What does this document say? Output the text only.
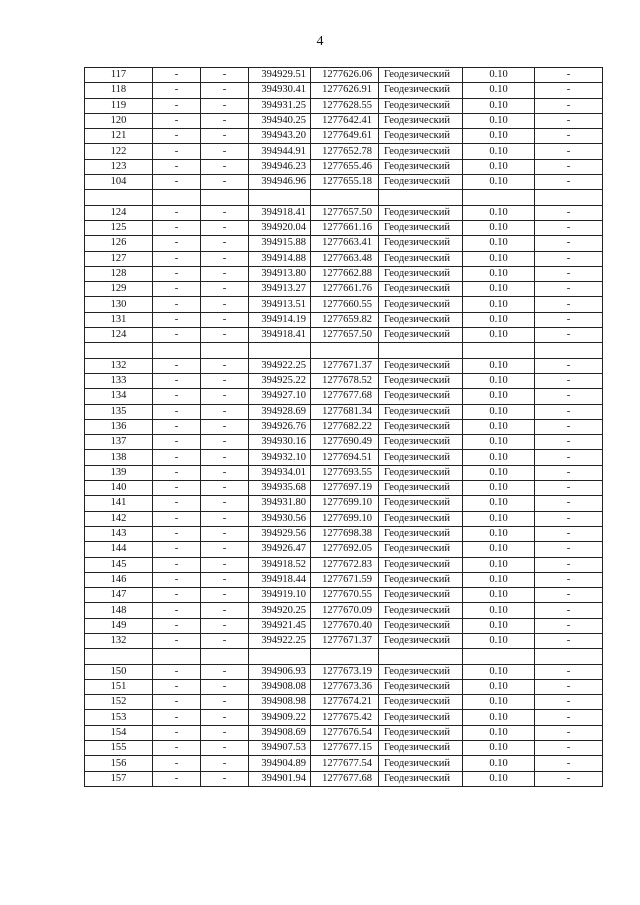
4
117	-	-	394929.51	1277626.06	Геодезический	0.10	-
118	-	-	394930.41	1277626.91	Геодезический	0.10	-
119	-	-	394931.25	1277628.55	Геодезический	0.10	-
120	-	-	394940.25	1277642.41	Геодезический	0.10	-
121	-	-	394943.20	1277649.61	Геодезический	0.10	-
122	-	-	394944.91	1277652.78	Геодезический	0.10	-
123	-	-	394946.23	1277655.46	Геодезический	0.10	-
104	-	-	394946.96	1277655.18	Геодезический	0.10	-

124	-	-	394918.41	1277657.50	Геодезический	0.10	-
125	-	-	394920.04	1277661.16	Геодезический	0.10	-
126	-	-	394915.88	1277663.41	Геодезический	0.10	-
127	-	-	394914.88	1277663.48	Геодезический	0.10	-
128	-	-	394913.80	1277662.88	Геодезический	0.10	-
129	-	-	394913.27	1277661.76	Геодезический	0.10	-
130	-	-	394913.51	1277660.55	Геодезический	0.10	-
131	-	-	394914.19	1277659.82	Геодезический	0.10	-
124	-	-	394918.41	1277657.50	Геодезический	0.10	-

132	-	-	394922.25	1277671.37	Геодезический	0.10	-
133	-	-	394925.22	1277678.52	Геодезический	0.10	-
134	-	-	394927.10	1277677.68	Геодезический	0.10	-
135	-	-	394928.69	1277681.34	Геодезический	0.10	-
136	-	-	394926.76	1277682.22	Геодезический	0.10	-
137	-	-	394930.16	1277690.49	Геодезический	0.10	-
138	-	-	394932.10	1277694.51	Геодезический	0.10	-
139	-	-	394934.01	1277693.55	Геодезический	0.10	-
140	-	-	394935.68	1277697.19	Геодезический	0.10	-
141	-	-	394931.80	1277699.10	Геодезический	0.10	-
142	-	-	394930.56	1277699.10	Геодезический	0.10	-
143	-	-	394929.56	1277698.38	Геодезический	0.10	-
144	-	-	394926.47	1277692.05	Геодезический	0.10	-
145	-	-	394918.52	1277672.83	Геодезический	0.10	-
146	-	-	394918.44	1277671.59	Геодезический	0.10	-
147	-	-	394919.10	1277670.55	Геодезический	0.10	-
148	-	-	394920.25	1277670.09	Геодезический	0.10	-
149	-	-	394921.45	1277670.40	Геодезический	0.10	-
132	-	-	394922.25	1277671.37	Геодезический	0.10	-

150	-	-	394906.93	1277673.19	Геодезический	0.10	-
151	-	-	394908.08	1277673.36	Геодезический	0.10	-
152	-	-	394908.98	1277674.21	Геодезический	0.10	-
153	-	-	394909.22	1277675.42	Геодезический	0.10	-
154	-	-	394908.69	1277676.54	Геодезический	0.10	-
155	-	-	394907.53	1277677.15	Геодезический	0.10	-
156	-	-	394904.89	1277677.54	Геодезический	0.10	-
157	-	-	394901.94	1277677.68	Геодезический	0.10	-
